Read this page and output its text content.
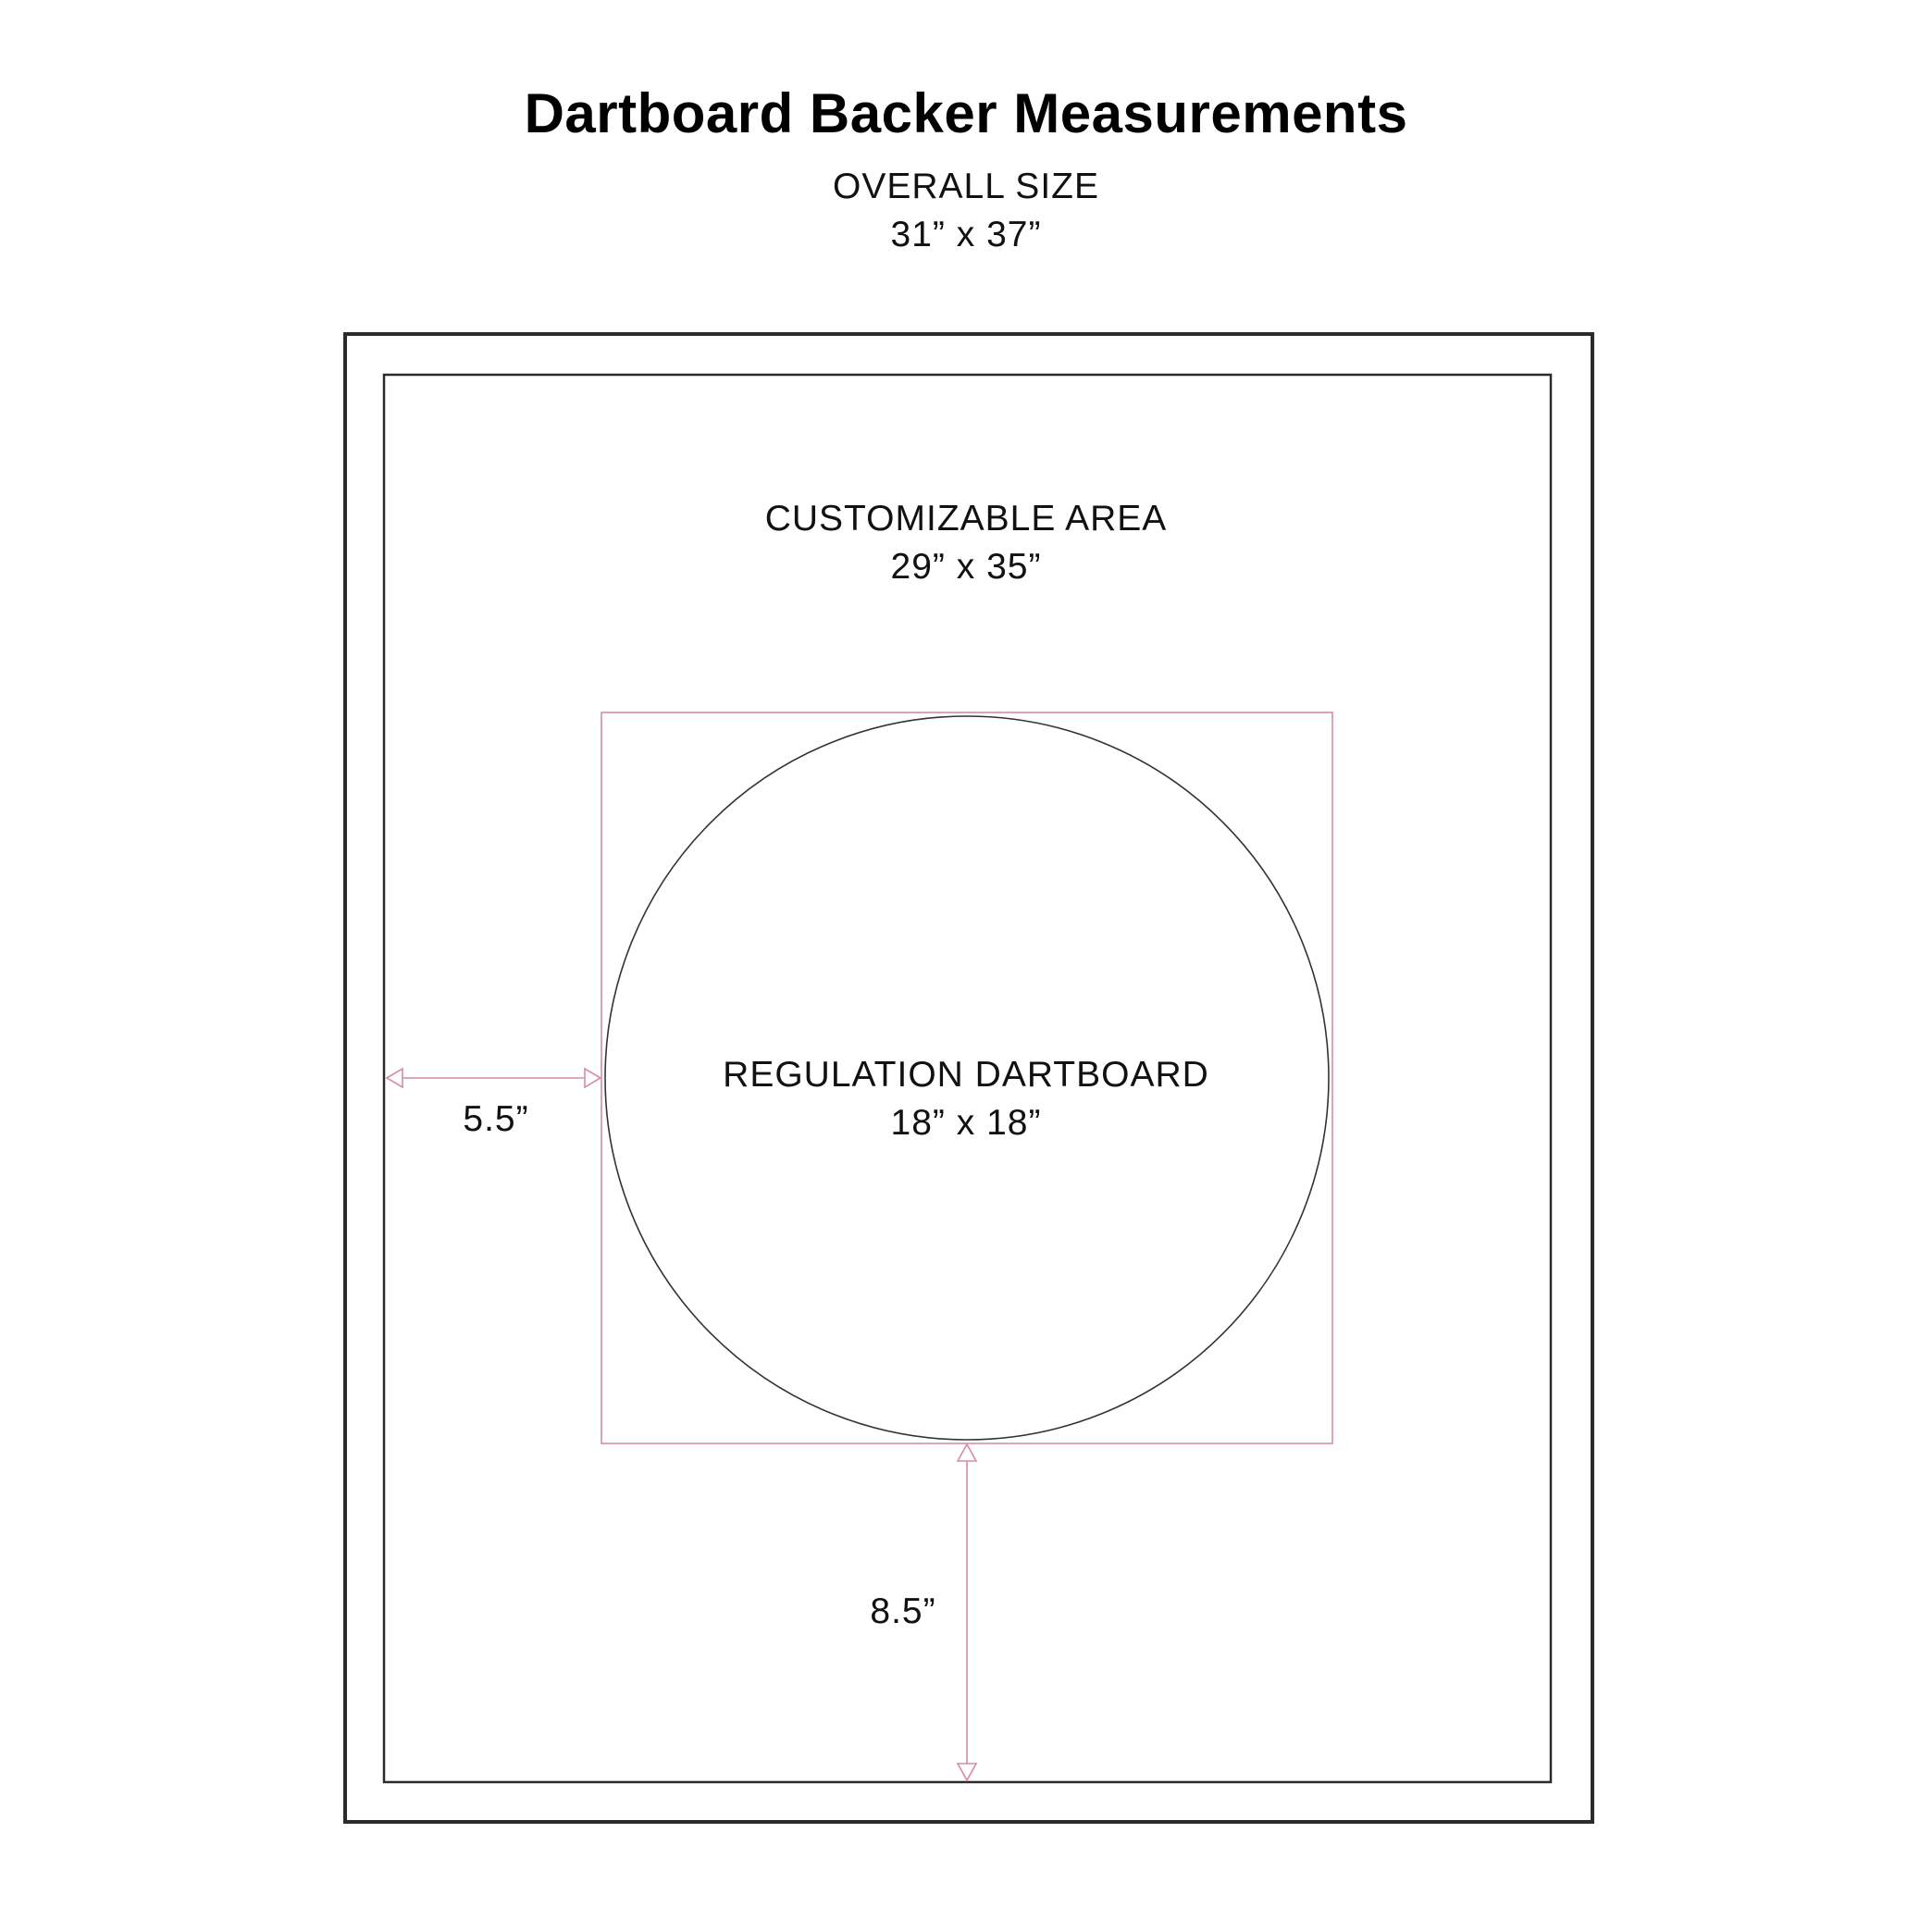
Dartboard Backer Measurements
OVERALL SIZE
31” x 37”
CUSTOMIZABLE AREA
29” x 35”
REGULATION DARTBOARD
18” x 18”
5.5”
8.5”
